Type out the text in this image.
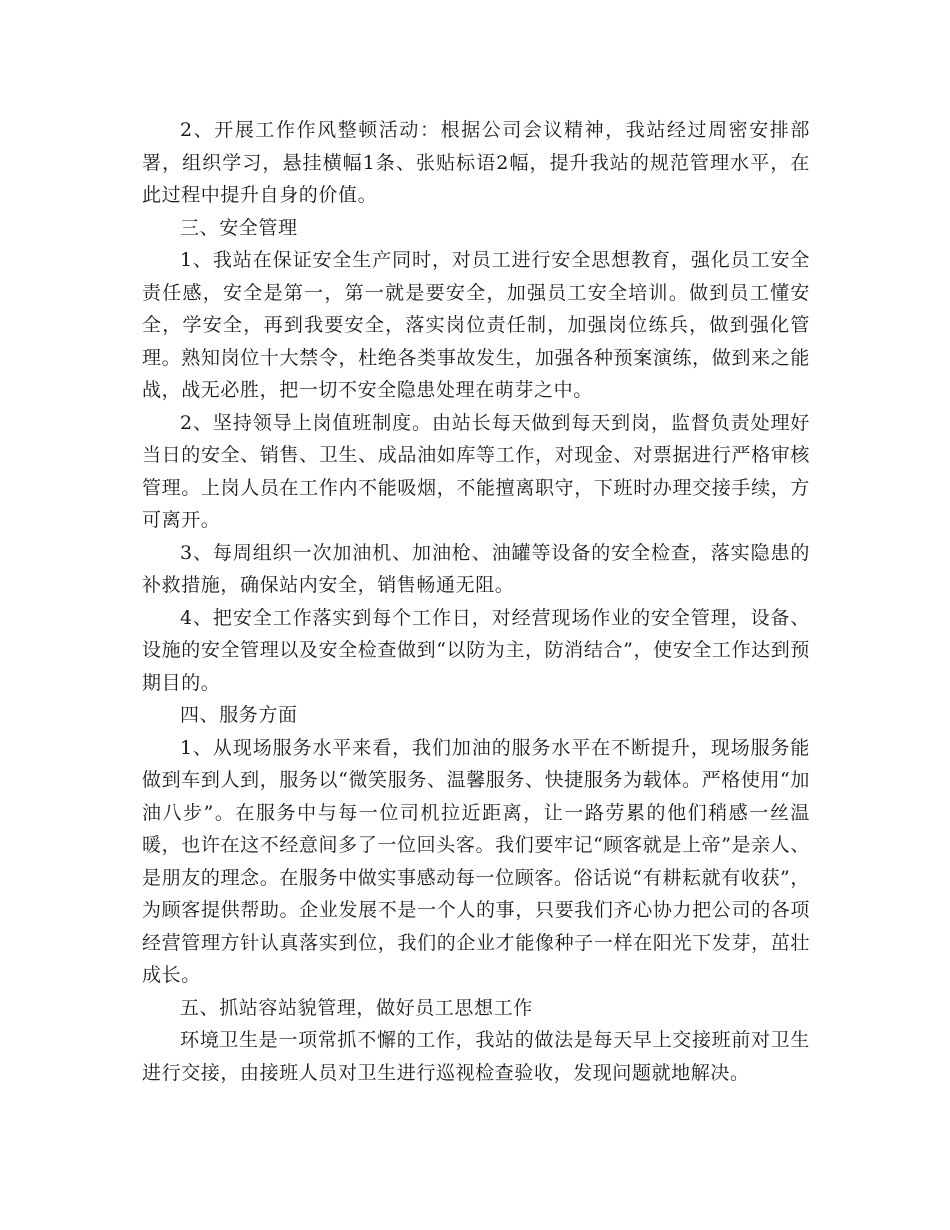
2、开展工作作风整顿活动：根据公司会议精神，我站经过周密安排部署，组织学习，悬挂横幅1条、张贴标语2幅，提升我站的规范管理水平，在此过程中提升自身的价值。

三、安全管理

1、我站在保证安全生产同时，对员工进行安全思想教育，强化员工安全责任感，安全是第一，第一就是要安全，加强员工安全培训。做到员工懂安全，学安全，再到我要安全，落实岗位责任制，加强岗位练兵，做到强化管理。熟知岗位十大禁令，杜绝各类事故发生，加强各种预案演练，做到来之能战，战无必胜，把一切不安全隐患处理在萌芽之中。

2、坚持领导上岗值班制度。由站长每天做到每天到岗，监督负责处理好当日的安全、销售、卫生、成品油如库等工作，对现金、对票据进行严格审核管理。上岗人员在工作内不能吸烟，不能擅离职守，下班时办理交接手续，方可离开。

3、每周组织一次加油机、加油枪、油罐等设备的安全检查，落实隐患的补救措施，确保站内安全，销售畅通无阻。

4、把安全工作落实到每个工作日，对经营现场作业的安全管理，设备、设施的安全管理以及安全检查做到“以防为主，防消结合”，使安全工作达到预期目的。

四、服务方面

1、从现场服务水平来看，我们加油的服务水平在不断提升，现场服务能做到车到人到，服务以“微笑服务、温馨服务、快捷服务为载体。严格使用“加油八步”。在服务中与每一位司机拉近距离，让一路劳累的他们稍感一丝温暖，也许在这不经意间多了一位回头客。我们要牢记“顾客就是上帝”是亲人、是朋友的理念。在服务中做实事感动每一位顾客。俗话说“有耕耘就有收获”，为顾客提供帮助。企业发展不是一个人的事，只要我们齐心协力把公司的各项经营管理方针认真落实到位，我们的企业才能像种子一样在阳光下发芽，茁壮成长。

五、抓站容站貌管理，做好员工思想工作

环境卫生是一项常抓不懈的工作，我站的做法是每天早上交接班前对卫生进行交接，由接班人员对卫生进行巡视检查验收，发现问题就地解决。
